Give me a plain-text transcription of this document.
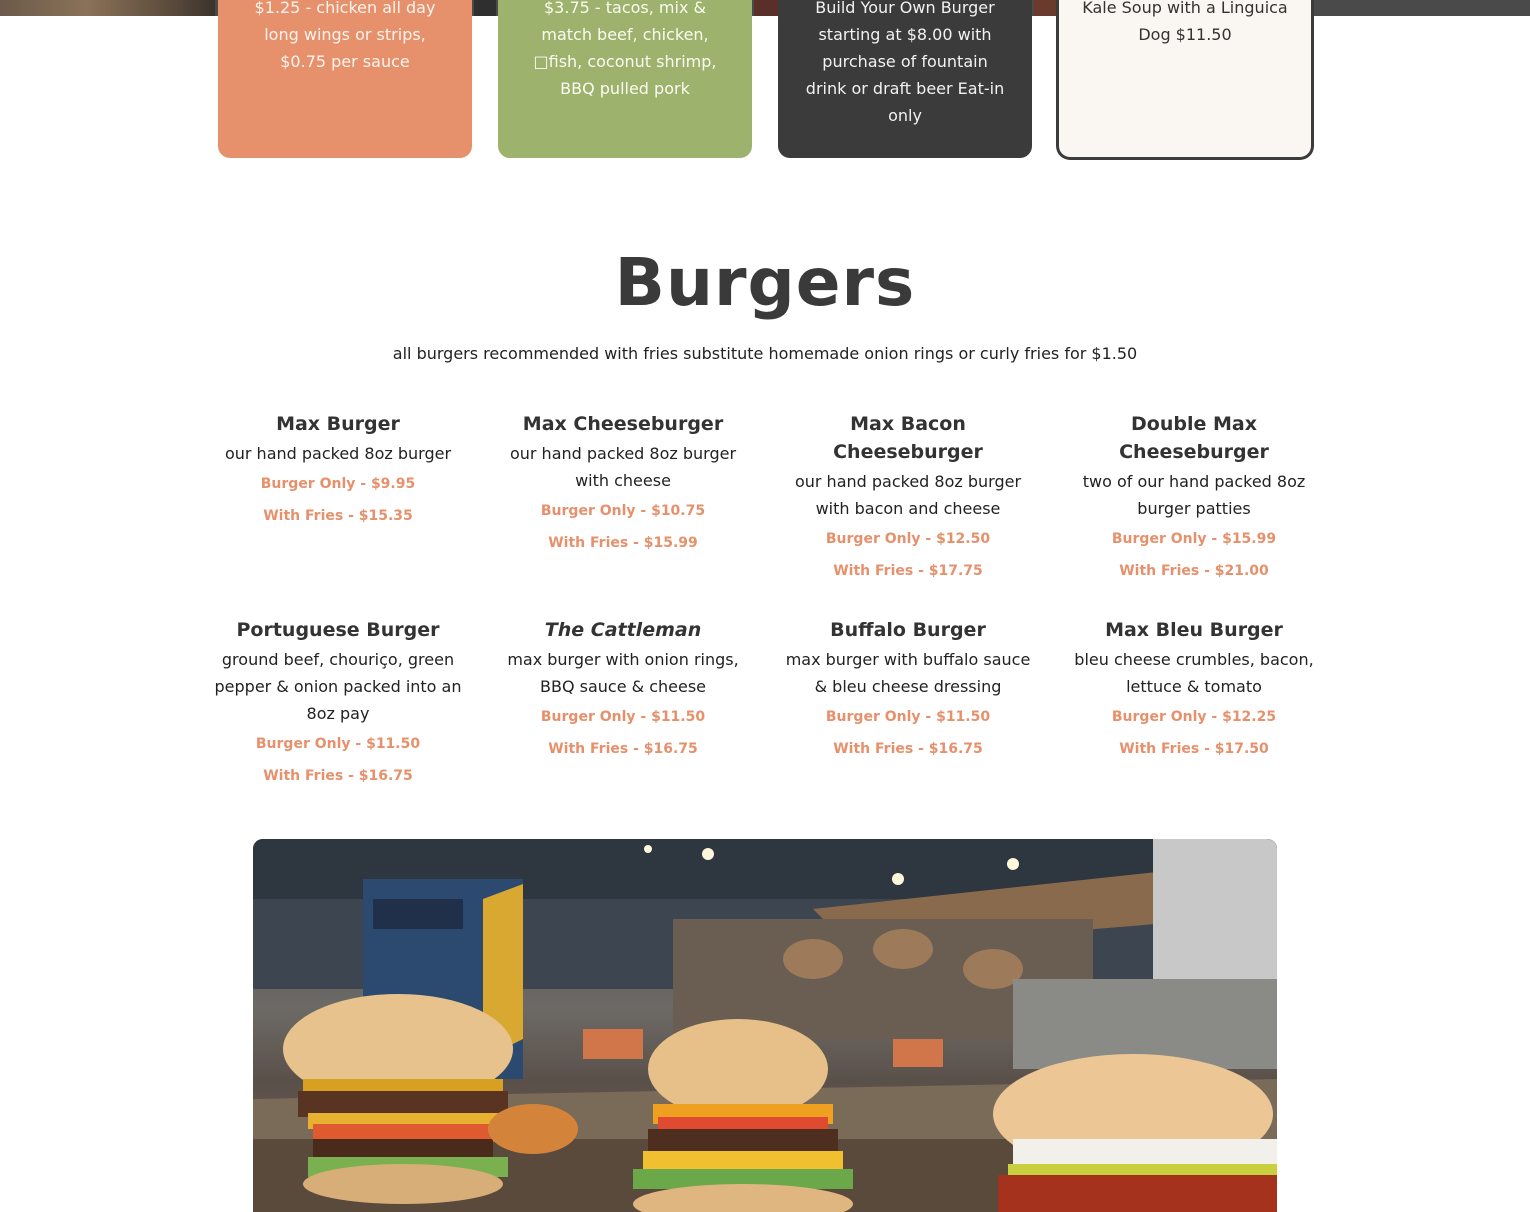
$1.25 - chicken all day long wings or strips, $0.75 per sauce

$3.75 - tacos, mix & match beef, chicken, □fish, coconut shrimp, BBQ pulled pork

Build Your Own Burger starting at $8.00 with purchase of fountain drink or draft beer Eat-in only

Kale Soup with a Linguica Dog $11.50

Burgers

all burgers recommended with fries substitute homemade onion rings or curly fries for $1.50

Max Burger
our hand packed 8oz burger
Burger Only - $9.95
With Fries - $15.35
Max Cheeseburger
our hand packed 8oz burger with cheese
Burger Only - $10.75
With Fries - $15.99
Max Bacon Cheeseburger
our hand packed 8oz burger with bacon and cheese
Burger Only - $12.50
With Fries - $17.75
Double Max Cheeseburger
two of our hand packed 8oz burger patties
Burger Only - $15.99
With Fries - $21.00
Portuguese Burger
ground beef, chouriço, green pepper & onion packed into an 8oz pay
Burger Only - $11.50
With Fries - $16.75
The Cattleman
max burger with onion rings, BBQ sauce & cheese
Burger Only - $11.50
With Fries - $16.75
Buffalo Burger
max burger with buffalo sauce & bleu cheese dressing
Burger Only - $11.50
With Fries - $16.75
Max Bleu Burger
bleu cheese crumbles, bacon, lettuce & tomato
Burger Only - $12.25
With Fries - $17.50
